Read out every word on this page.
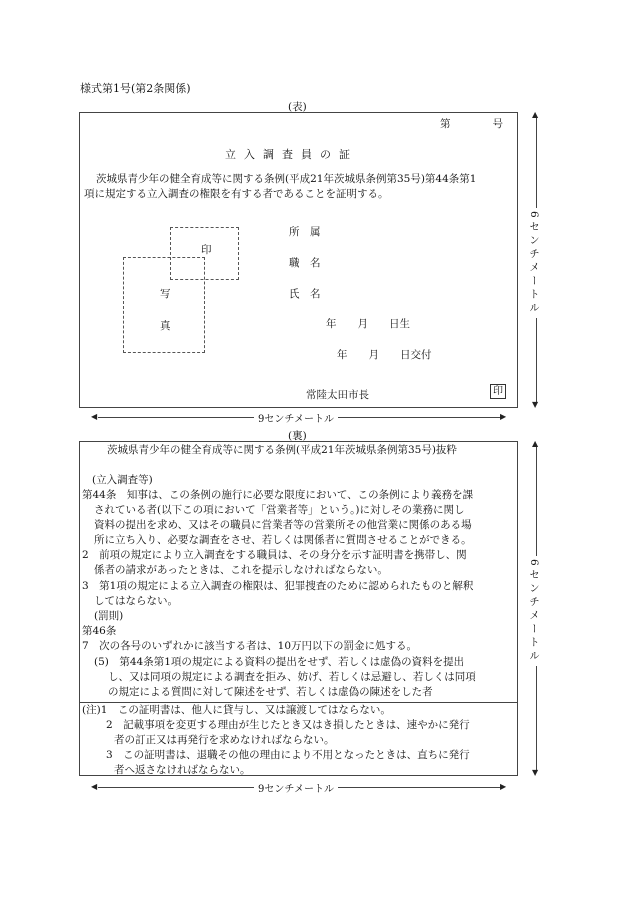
様式第1号(第2条関係)
(表)
第　　　　号
立入調査員の証
茨城県青少年の健全育成等に関する条例(平成21年茨城県条例第35号)第44条第1
項に規定する立入調査の権限を有する者であることを証明する。
印
写
真
所　属
職　名
氏　名
年　　月　　日生
年　　月　　日交付
常陸太田市長	印
▲
▼
6センチメートル
◀	▶
9センチメートル
(裏)
茨城県青少年の健全育成等に関する条例(平成21年茨城県条例第35号)抜粋
(立入調査等)
第44条　知事は、この条例の施行に必要な限度において、この条例により義務を課
されている者(以下この項において「営業者等」という。)に対しその業務に関し
資料の提出を求め、又はその職員に営業者等の営業所その他営業に関係のある場
所に立ち入り、必要な調査をさせ、若しくは関係者に質問させることができる。
2　前項の規定により立入調査をする職員は、その身分を示す証明書を携帯し、関
係者の請求があったときは、これを提示しなければならない。
3　第1項の規定による立入調査の権限は、犯罪捜査のために認められたものと解釈
してはならない。
(罰則)
第46条
7　次の各号のいずれかに該当する者は、10万円以下の罰金に処する。
(5)　第44条第1項の規定による資料の提出をせず、若しくは虚偽の資料を提出
し、又は同項の規定による調査を拒み、妨げ、若しくは忌避し、若しくは同項
の規定による質問に対して陳述をせず、若しくは虚偽の陳述をした者
(注)1　この証明書は、他人に貸与し、又は譲渡してはならない。
2　記載事項を変更する理由が生じたとき又はき損したときは、速やかに発行
者の訂正又は再発行を求めなければならない。
3　この証明書は、退職その他の理由により不用となったときは、直ちに発行
者へ返さなければならない。
▲
▼
6センチメートル
◀	▶
9センチメートル
